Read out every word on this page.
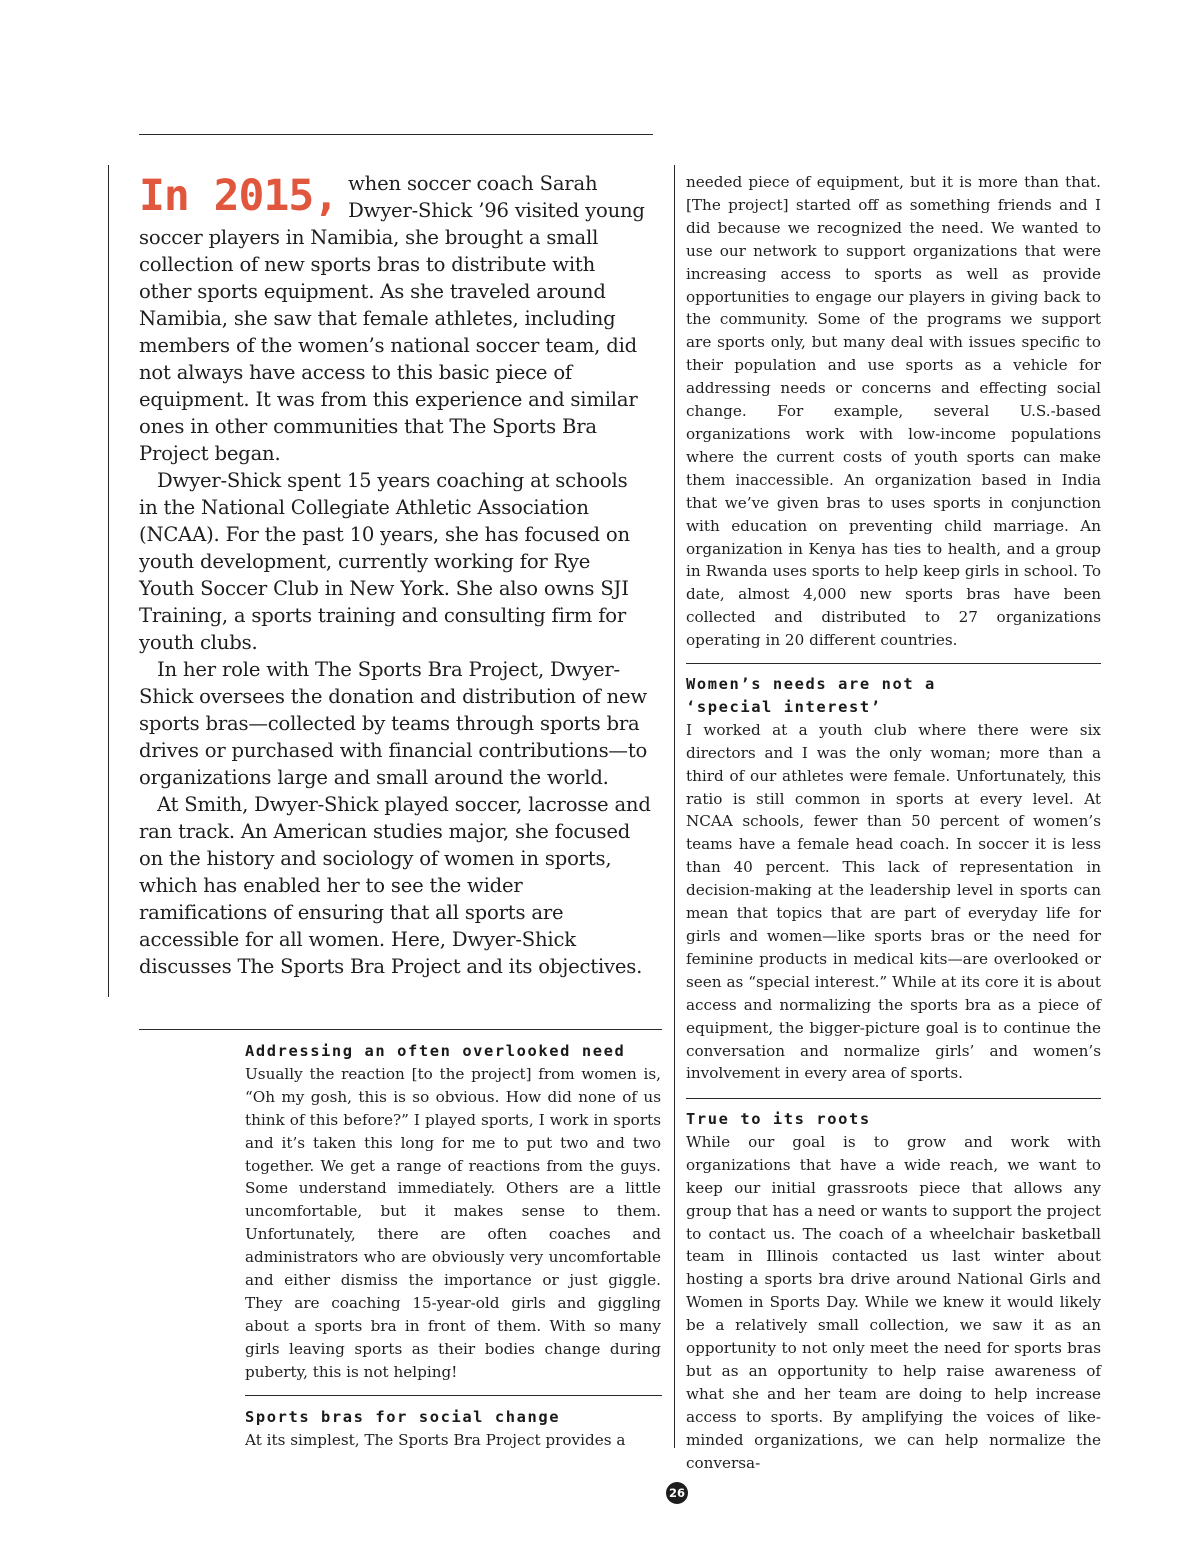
In 2015, when soccer coach Sarah Dwyer-Shick ’96 visited young soccer players in Namibia, she brought a small collection of new sports bras to distribute with other sports equipment. As she traveled around Namibia, she saw that female athletes, including members of the women’s national soccer team, did not always have access to this basic piece of equipment. It was from this experience and similar ones in other communities that The Sports Bra Project began.

Dwyer-Shick spent 15 years coaching at schools in the National Collegiate Athletic Association (NCAA). For the past 10 years, she has focused on youth development, currently working for Rye Youth Soccer Club in New York. She also owns SJI Training, a sports training and consulting firm for youth clubs.

In her role with The Sports Bra Project, Dwyer-Shick oversees the donation and distribution of new sports bras—collected by teams through sports bra drives or purchased with financial contributions—to organizations large and small around the world.

At Smith, Dwyer-Shick played soccer, lacrosse and ran track. An American studies major, she focused on the history and sociology of women in sports, which has enabled her to see the wider ramifications of ensuring that all sports are accessible for all women. Here, Dwyer-Shick discusses The Sports Bra Project and its objectives.

Addressing an often overlooked need

Usually the reaction [to the project] from women is, “Oh my gosh, this is so obvious. How did none of us think of this before?” I played sports, I work in sports and it’s taken this long for me to put two and two together. We get a range of reactions from the guys. Some understand immediately. Others are a little uncomfortable, but it makes sense to them. Unfortunately, there are often coaches and administrators who are obviously very uncomfortable and either dismiss the importance or just giggle. They are coaching 15-year-old girls and giggling about a sports bra in front of them. With so many girls leaving sports as their bodies change during puberty, this is not helping!

Sports bras for social change

At its simplest, The Sports Bra Project provides a

needed piece of equipment, but it is more than that. [The project] started off as something friends and I did because we recognized the need. We wanted to use our network to support organizations that were increasing access to sports as well as provide opportunities to engage our players in giving back to the community. Some of the programs we support are sports only, but many deal with issues specific to their population and use sports as a vehicle for addressing needs or concerns and effecting social change. For example, several U.S.-based organizations work with low-income populations where the current costs of youth sports can make them inaccessible. An organization based in India that we’ve given bras to uses sports in conjunction with education on preventing child marriage. An organization in Kenya has ties to health, and a group in Rwanda uses sports to help keep girls in school. To date, almost 4,000 new sports bras have been collected and distributed to 27 organizations operating in 20 different countries.

Women’s needs are not a ‘special interest’

I worked at a youth club where there were six directors and I was the only woman; more than a third of our athletes were female. Unfortunately, this ratio is still common in sports at every level. At NCAA schools, fewer than 50 percent of women’s teams have a female head coach. In soccer it is less than 40 percent. This lack of representation in decision-making at the leadership level in sports can mean that topics that are part of everyday life for girls and women—like sports bras or the need for feminine products in medical kits—are overlooked or seen as “special interest.” While at its core it is about access and normalizing the sports bra as a piece of equipment, the bigger-picture goal is to continue the conversation and normalize girls’ and women’s involvement in every area of sports.

True to its roots

While our goal is to grow and work with organizations that have a wide reach, we want to keep our initial grassroots piece that allows any group that has a need or wants to support the project to contact us. The coach of a wheelchair basketball team in Illinois contacted us last winter about hosting a sports bra drive around National Girls and Women in Sports Day. While we knew it would likely be a relatively small collection, we saw it as an opportunity to not only meet the need for sports bras but as an opportunity to help raise awareness of what she and her team are doing to help increase access to sports. By amplifying the voices of like-minded organizations, we can help normalize the conversa-

26
